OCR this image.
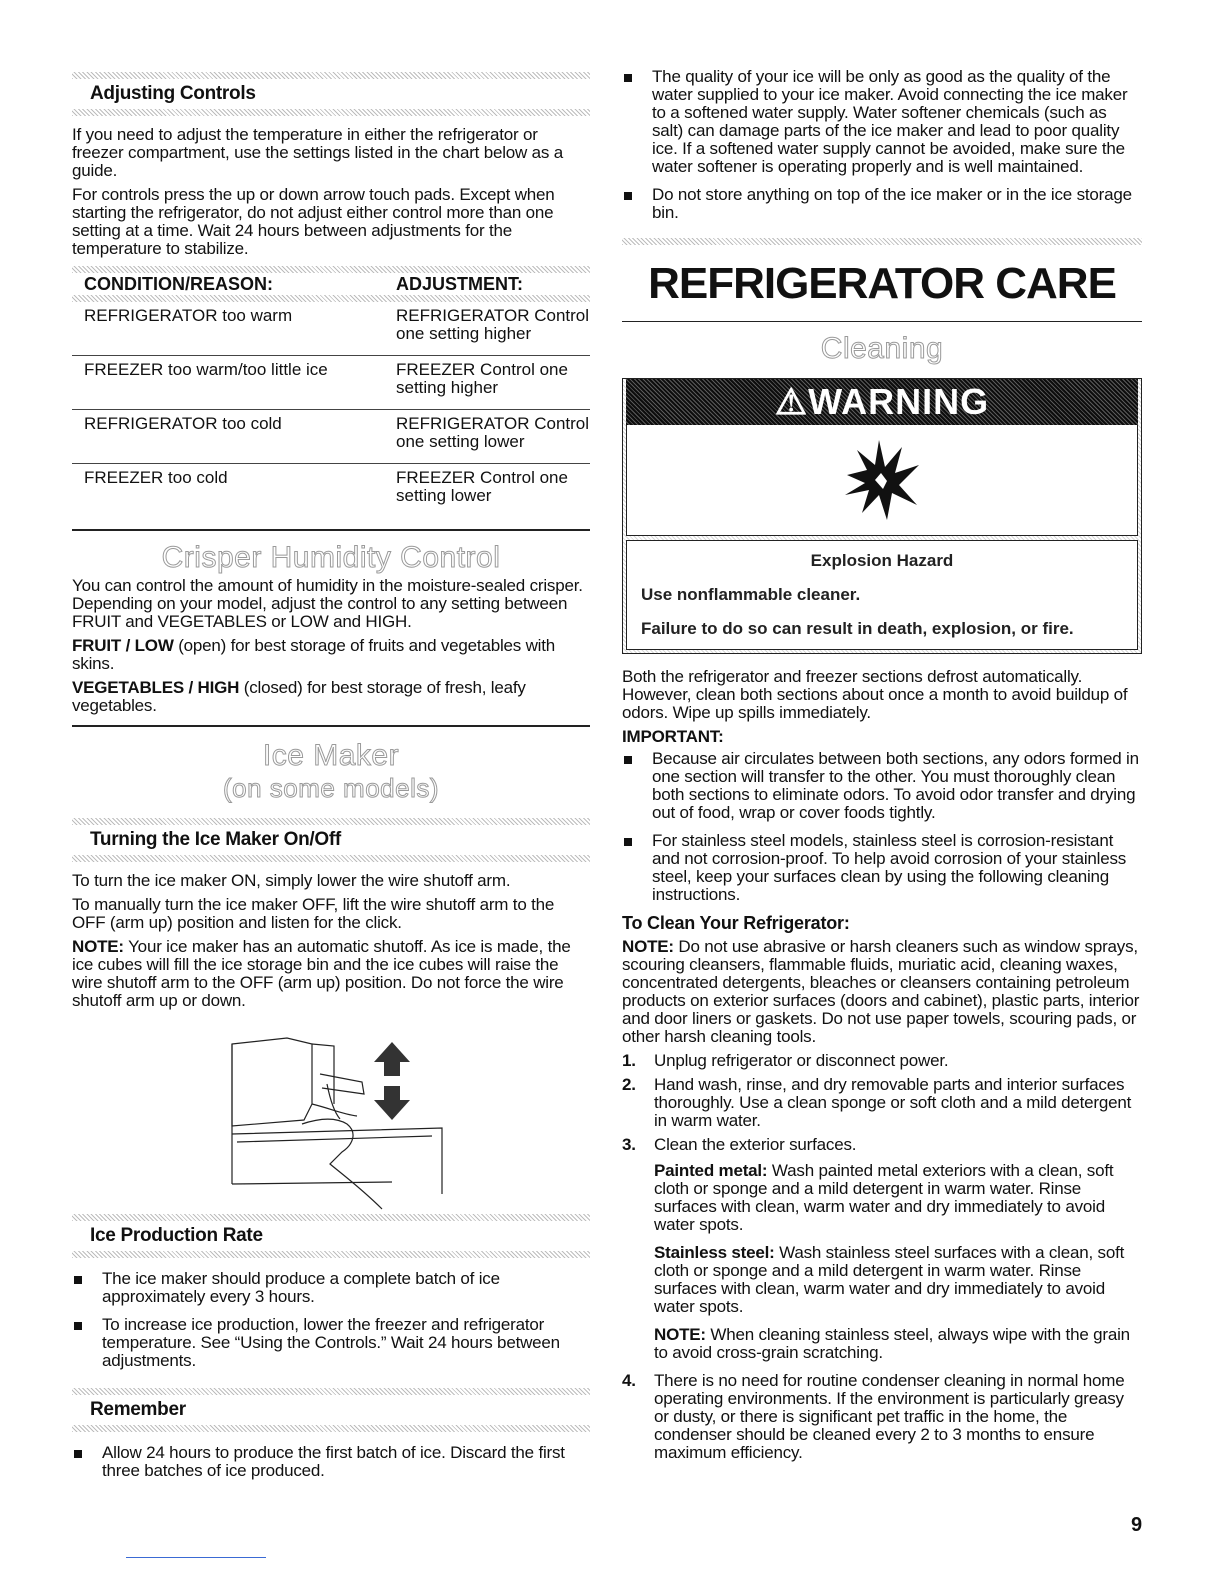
Adjusting Controls

If you need to adjust the temperature in either the refrigerator or freezer compartment, use the settings listed in the chart below as a guide.

For controls press the up or down arrow touch pads. Except when starting the refrigerator, do not adjust either control more than one setting at a time. Wait 24 hours between adjustments for the temperature to stabilize.

CONDITION/REASON:	ADJUSTMENT:

REFRIGERATOR too warm	REFRIGERATOR Control one setting higher
FREEZER too warm/too little ice	FREEZER Control one setting higher
REFRIGERATOR too cold	REFRIGERATOR Control one setting lower
FREEZER too cold	FREEZER Control one setting lower
Crisper Humidity Control

You can control the amount of humidity in the moisture-sealed crisper. Depending on your model, adjust the control to any setting between FRUIT and VEGETABLES or LOW and HIGH.

FRUIT / LOW (open) for best storage of fruits and vegetables with skins.

VEGETABLES / HIGH (closed) for best storage of fresh, leafy vegetables.

Ice Maker
(on some models)
Turning the Ice Maker On/Off

To turn the ice maker ON, simply lower the wire shutoff arm.

To manually turn the ice maker OFF, lift the wire shutoff arm to the OFF (arm up) position and listen for the click.

NOTE: Your ice maker has an automatic shutoff. As ice is made, the ice cubes will fill the ice storage bin and the ice cubes will raise the wire shutoff arm to the OFF (arm up) position. Do not force the wire shutoff arm up or down.

Ice Production Rate
The ice maker should produce a complete batch of ice approximately every 3 hours.
To increase ice production, lower the freezer and refrigerator temperature. See “Using the Controls.” Wait 24 hours between adjustments.
Remember
Allow 24 hours to produce the first batch of ice. Discard the first three batches of ice produced.
The quality of your ice will be only as good as the quality of the water supplied to your ice maker. Avoid connecting the ice maker to a softened water supply. Water softener chemicals (such as salt) can damage parts of the ice maker and lead to poor quality ice. If a softened water supply cannot be avoided, make sure the water softener is operating properly and is well maintained.
Do not store anything on top of the ice maker or in the ice storage bin.
REFRIGERATOR CARE
Cleaning
⚠WARNING
Explosion Hazard
Use nonflammable cleaner.
Failure to do so can result in death, explosion, or fire.

Both the refrigerator and freezer sections defrost automatically. However, clean both sections about once a month to avoid buildup of odors. Wipe up spills immediately.

IMPORTANT:

Because air circulates between both sections, any odors formed in one section will transfer to the other. You must thoroughly clean both sections to eliminate odors. To avoid odor transfer and drying out of food, wrap or cover foods tightly.
For stainless steel models, stainless steel is corrosion-resistant and not corrosion-proof. To help avoid corrosion of your stainless steel, keep your surfaces clean by using the following cleaning instructions.

To Clean Your Refrigerator:

NOTE: Do not use abrasive or harsh cleaners such as window sprays, scouring cleansers, flammable fluids, muriatic acid, cleaning waxes, concentrated detergents, bleaches or cleansers containing petroleum products on exterior surfaces (doors and cabinet), plastic parts, interior and door liners or gaskets. Do not use paper towels, scouring pads, or other harsh cleaning tools.

1. Unplug refrigerator or disconnect power.
2. Hand wash, rinse, and dry removable parts and interior surfaces thoroughly. Use a clean sponge or soft cloth and a mild detergent in warm water.
3. Clean the exterior surfaces.

Painted metal: Wash painted metal exteriors with a clean, soft cloth or sponge and a mild detergent in warm water. Rinse surfaces with clean, warm water and dry immediately to avoid water spots.

Stainless steel: Wash stainless steel surfaces with a clean, soft cloth or sponge and a mild detergent in warm water. Rinse surfaces with clean, warm water and dry immediately to avoid water spots.

NOTE: When cleaning stainless steel, always wipe with the grain to avoid cross-grain scratching.

4. There is no need for routine condenser cleaning in normal home operating environments. If the environment is particularly greasy or dusty, or there is significant pet traffic in the home, the condenser should be cleaned every 2 to 3 months to ensure maximum efficiency.
9
